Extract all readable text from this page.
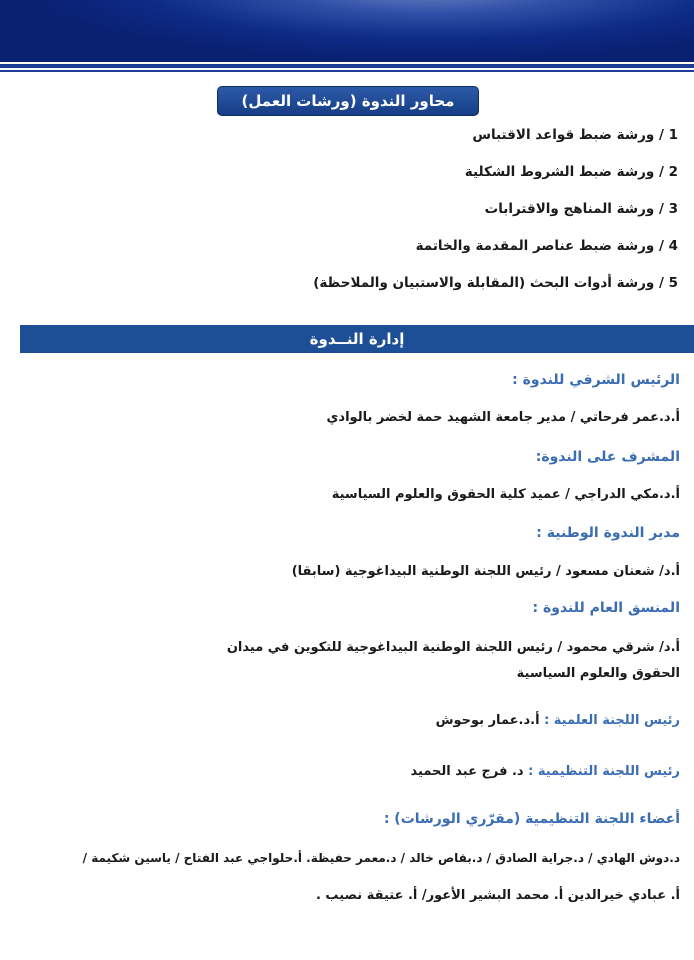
محاور الندوة (ورشات العمل)
1 / ورشة ضبط قواعد الاقتباس
2 / ورشة ضبط الشروط الشكلية
3 / ورشة المناهج والاقترابات
4 / ورشة ضبط عناصر المقدمة والخاتمة
5 / ورشة أدوات البحث (المقابلة والاستبيان والملاحظة)
إدارة النــدوة
الرئيس الشرفي للندوة :
أ.د.عمر فرحاتي / مدير جامعة الشهيد حمة لخضر بالوادي
المشرف على الندوة:
أ.د.مكي الدراجي / عميد كلية الحقوق والعلوم السياسية
مدير الندوة الوطنية :
أ.د/ شعنان مسعود / رئيس اللجنة الوطنية البيداغوجية (سابقا)
المنسق العام للندوة :
أ.د/ شرقي محمود / رئيس اللجنة الوطنية البيداغوجية للتكوين في ميدان
الحقوق والعلوم السياسية
رئيس اللجنة العلمية : أ.د.عمار بوحوش
رئيس اللجنة التنظيمية : د. فرج عبد الحميد
أعضاء اللجنة التنظيمية (مقرّري الورشات) :
د.دوش الهادي / د.جراية الصادق / د.بقاص خالد / د.معمر حفيظة. أ.حلواجي عبد الفتاح / ياسين شكيمة /
أ. عبادي خيرالدين أ. محمد البشير الأعور/ أ. عتيقة نصيب .
